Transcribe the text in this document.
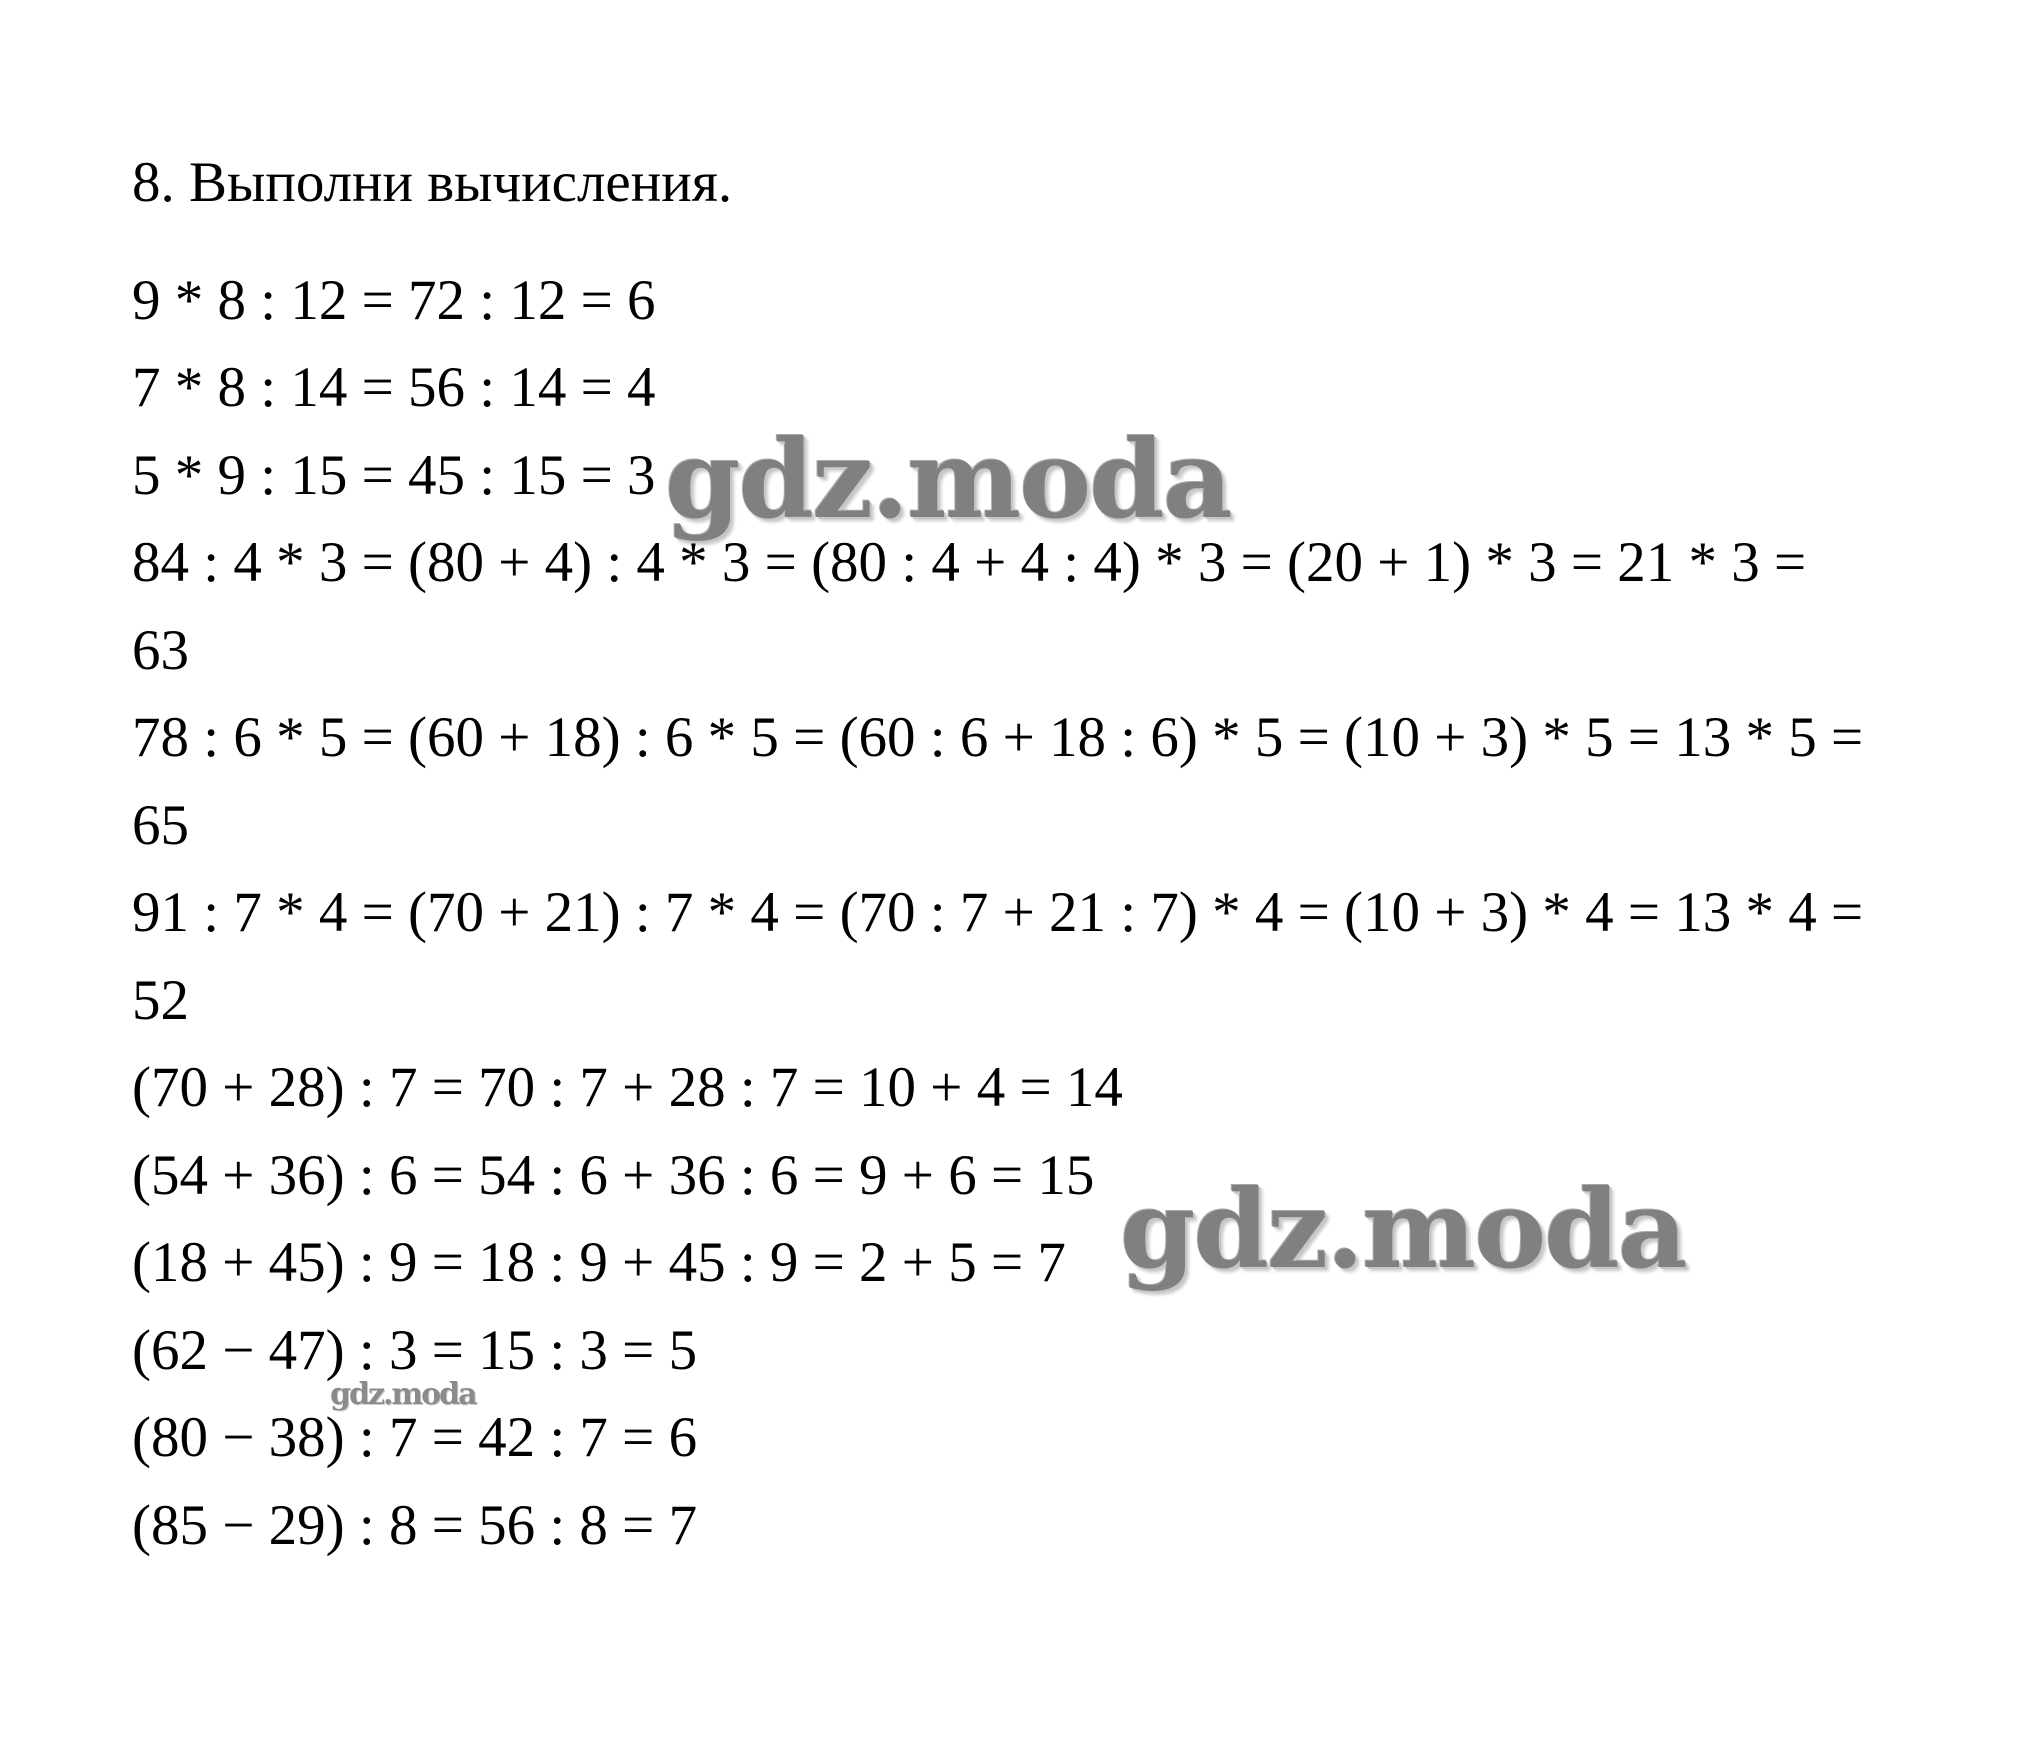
8. Выполни вычисления.
9 * 8 : 12 = 72 : 12 = 6
7 * 8 : 14 = 56 : 14 = 4
5 * 9 : 15 = 45 : 15 = 3
84 : 4 * 3 = (80 + 4) : 4 * 3 = (80 : 4 + 4 : 4) * 3 = (20 + 1) * 3 = 21 * 3 =
63
78 : 6 * 5 = (60 + 18) : 6 * 5 = (60 : 6 + 18 : 6) * 5 = (10 + 3) * 5 = 13 * 5 =
65
91 : 7 * 4 = (70 + 21) : 7 * 4 = (70 : 7 + 21 : 7) * 4 = (10 + 3) * 4 = 13 * 4 =
52
(70 + 28) : 7 = 70 : 7 + 28 : 7 = 10 + 4 = 14
(54 + 36) : 6 = 54 : 6 + 36 : 6 = 9 + 6 = 15
(18 + 45) : 9 = 18 : 9 + 45 : 9 = 2 + 5 = 7
(62 − 47) : 3 = 15 : 3 = 5
(80 − 38) : 7 = 42 : 7 = 6
(85 − 29) : 8 = 56 : 8 = 7
gdz.moda
gdz.moda
gdz.moda
